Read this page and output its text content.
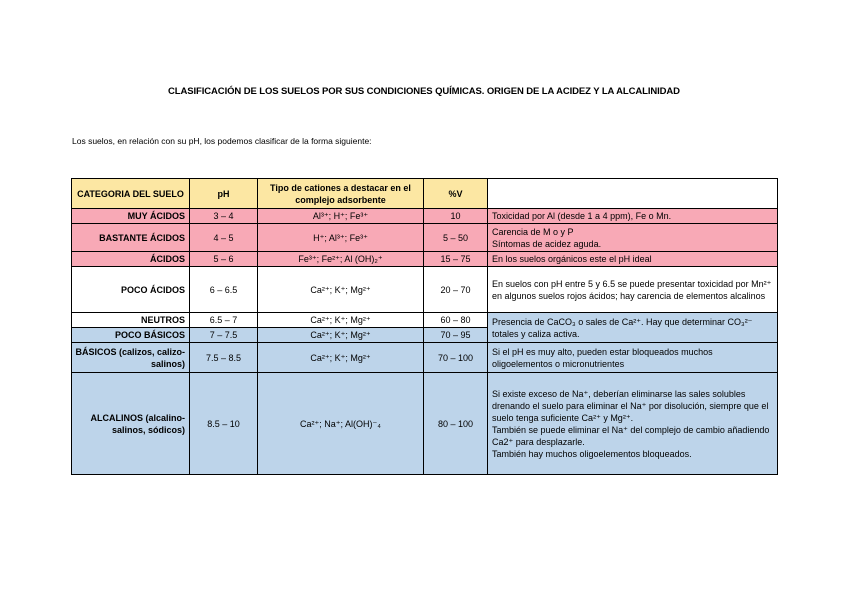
CLASIFICACIÓN DE LOS SUELOS POR SUS CONDICIONES QUÍMICAS. ORIGEN DE LA ACIDEZ Y LA ALCALINIDAD
Los suelos, en relación con su pH, los podemos clasificar de la forma siguiente:
CATEGORIA DEL SUELO	pH	Tipo de cationes a destacar en el complejo adsorbente	%V	
MUY ÁCIDOS	3 – 4	Al³⁺; H⁺; Fe³⁺	10	Toxicidad por Al (desde 1 a 4 ppm), Fe o Mn.
BASTANTE ÁCIDOS	4 – 5	H⁺; Al³⁺; Fe³⁺	5 – 50	Carencia de M o y P
Síntomas de acidez aguda.

ÁCIDOS	5 – 6	Fe³⁺; Fe²⁺; Al (OH)₂⁺	15 – 75	En los suelos orgánicos este el pH ideal
POCO ÁCIDOS	6 – 6.5	Ca²⁺; K⁺; Mg²⁺	20 – 70	En suelos con pH entre 5 y 6.5 se puede presentar toxicidad por Mn²⁺ en algunos suelos rojos ácidos; hay carencia de elementos alcalinos
NEUTROS	6.5 – 7	Ca²⁺; K⁺; Mg²⁺	60 – 80	Presencia de CaCO₃ o sales de Ca²⁺. Hay que determinar CO₃²⁻ totales y caliza activa.
POCO BÁSICOS	7 – 7.5	Ca²⁺; K⁺; Mg²⁺	70 – 95	
BÁSICOS (calizos, calizo-salinos)	7.5 – 8.5	Ca²⁺; K⁺; Mg²⁺	70 – 100	Si el pH es muy alto, pueden estar bloqueados muchos oligoelementos o micronutrientes
ALCALINOS (alcalino-salinos, sódicos)	8.5 – 10	Ca²⁺; Na⁺; Al(OH)⁻₄	80 – 100	Si existe exceso de Na⁺, deberían eliminarse las sales solubles drenando el suelo para eliminar el Na⁺ por disolución, siempre que el suelo tenga suficiente Ca²⁺ y Mg²⁺.
También se puede eliminar el Na⁺ del complejo de cambio añadiendo Ca2⁺ para desplazarle.
También hay muchos oligoelementos bloqueados.
